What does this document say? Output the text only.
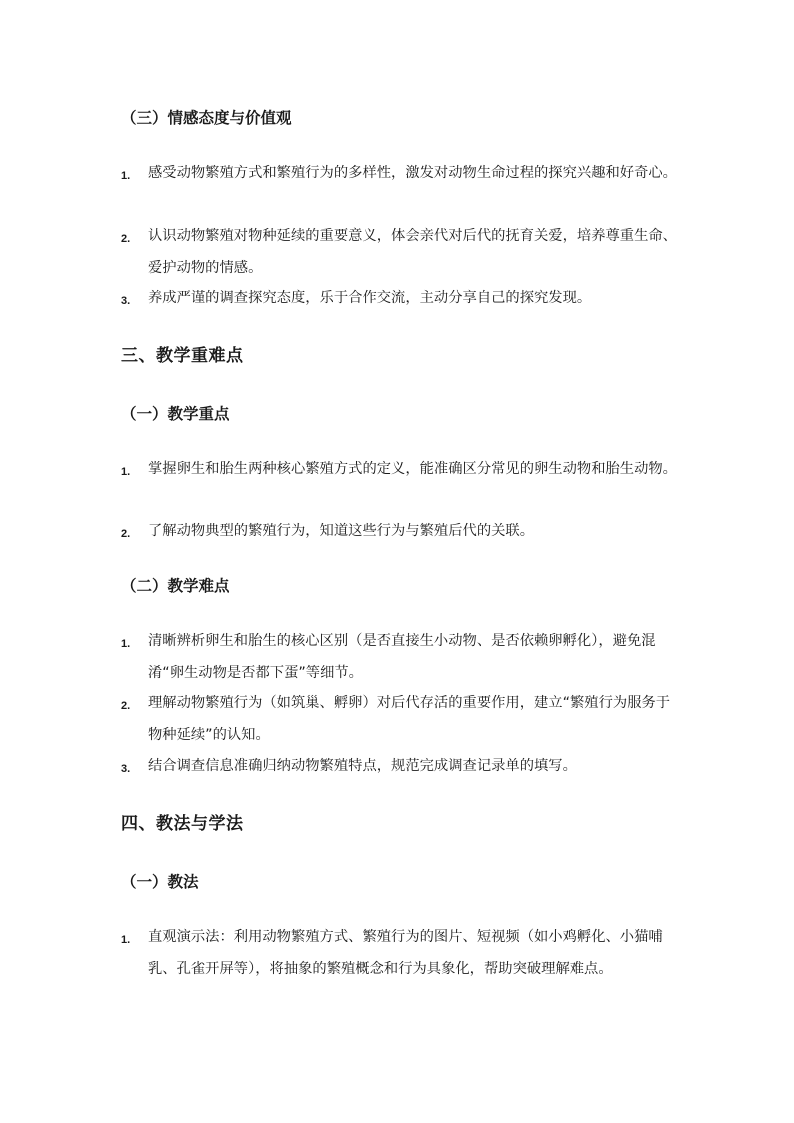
（三）情感态度与价值观
1. 感受动物繁殖方式和繁殖行为的多样性，激发对动物生命过程的探究兴趣和好奇心。
2. 认识动物繁殖对物种延续的重要意义，体会亲代对后代的抚育关爱，培养尊重生命、爱护动物的情感。
3. 养成严谨的调查探究态度，乐于合作交流，主动分享自己的探究发现。
三、教学重难点
（一）教学重点
1. 掌握卵生和胎生两种核心繁殖方式的定义，能准确区分常见的卵生动物和胎生动物。
2. 了解动物典型的繁殖行为，知道这些行为与繁殖后代的关联。
（二）教学难点
1. 清晰辨析卵生和胎生的核心区别（是否直接生小动物、是否依赖卵孵化），避免混淆“卵生动物是否都下蛋”等细节。
2. 理解动物繁殖行为（如筑巢、孵卵）对后代存活的重要作用，建立“繁殖行为服务于物种延续”的认知。
3. 结合调查信息准确归纳动物繁殖特点，规范完成调查记录单的填写。
四、教法与学法
（一）教法
1. 直观演示法：利用动物繁殖方式、繁殖行为的图片、短视频（如小鸡孵化、小猫哺乳、孔雀开屏等），将抽象的繁殖概念和行为具象化，帮助突破理解难点。
